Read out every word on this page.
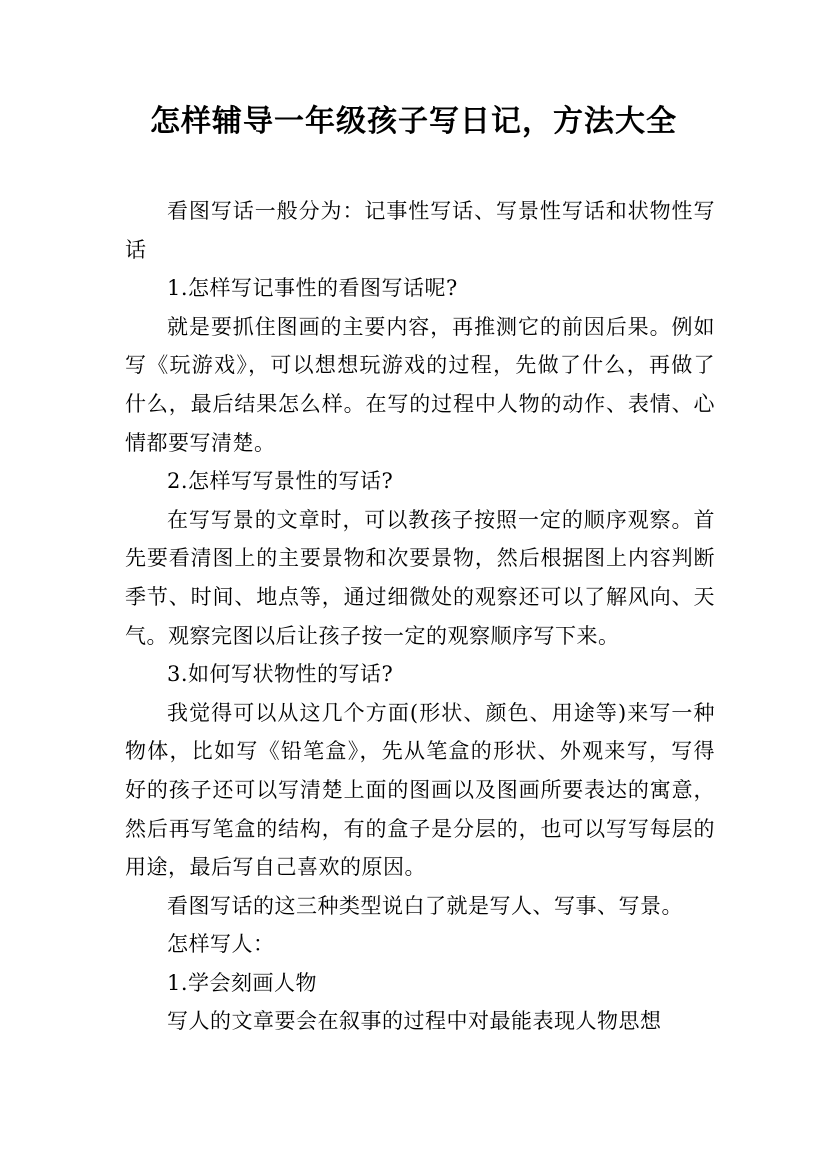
怎样辅导一年级孩子写日记，方法大全

看图写话一般分为：记事性写话、写景性写话和状物性写话

1.怎样写记事性的看图写话呢?

就是要抓住图画的主要内容，再推测它的前因后果。例如写《玩游戏》，可以想想玩游戏的过程，先做了什么，再做了什么，最后结果怎么样。在写的过程中人物的动作、表情、心情都要写清楚。

2.怎样写写景性的写话?

在写写景的文章时，可以教孩子按照一定的顺序观察。首先要看清图上的主要景物和次要景物，然后根据图上内容判断季节、时间、地点等，通过细微处的观察还可以了解风向、天气。观察完图以后让孩子按一定的观察顺序写下来。

3.如何写状物性的写话?

我觉得可以从这几个方面(形状、颜色、用途等)来写一种物体，比如写《铅笔盒》，先从笔盒的形状、外观来写，写得好的孩子还可以写清楚上面的图画以及图画所要表达的寓意，然后再写笔盒的结构，有的盒子是分层的，也可以写写每层的用途，最后写自己喜欢的原因。

看图写话的这三种类型说白了就是写人、写事、写景。

怎样写人：

1.学会刻画人物

写人的文章要会在叙事的过程中对最能表现人物思想
